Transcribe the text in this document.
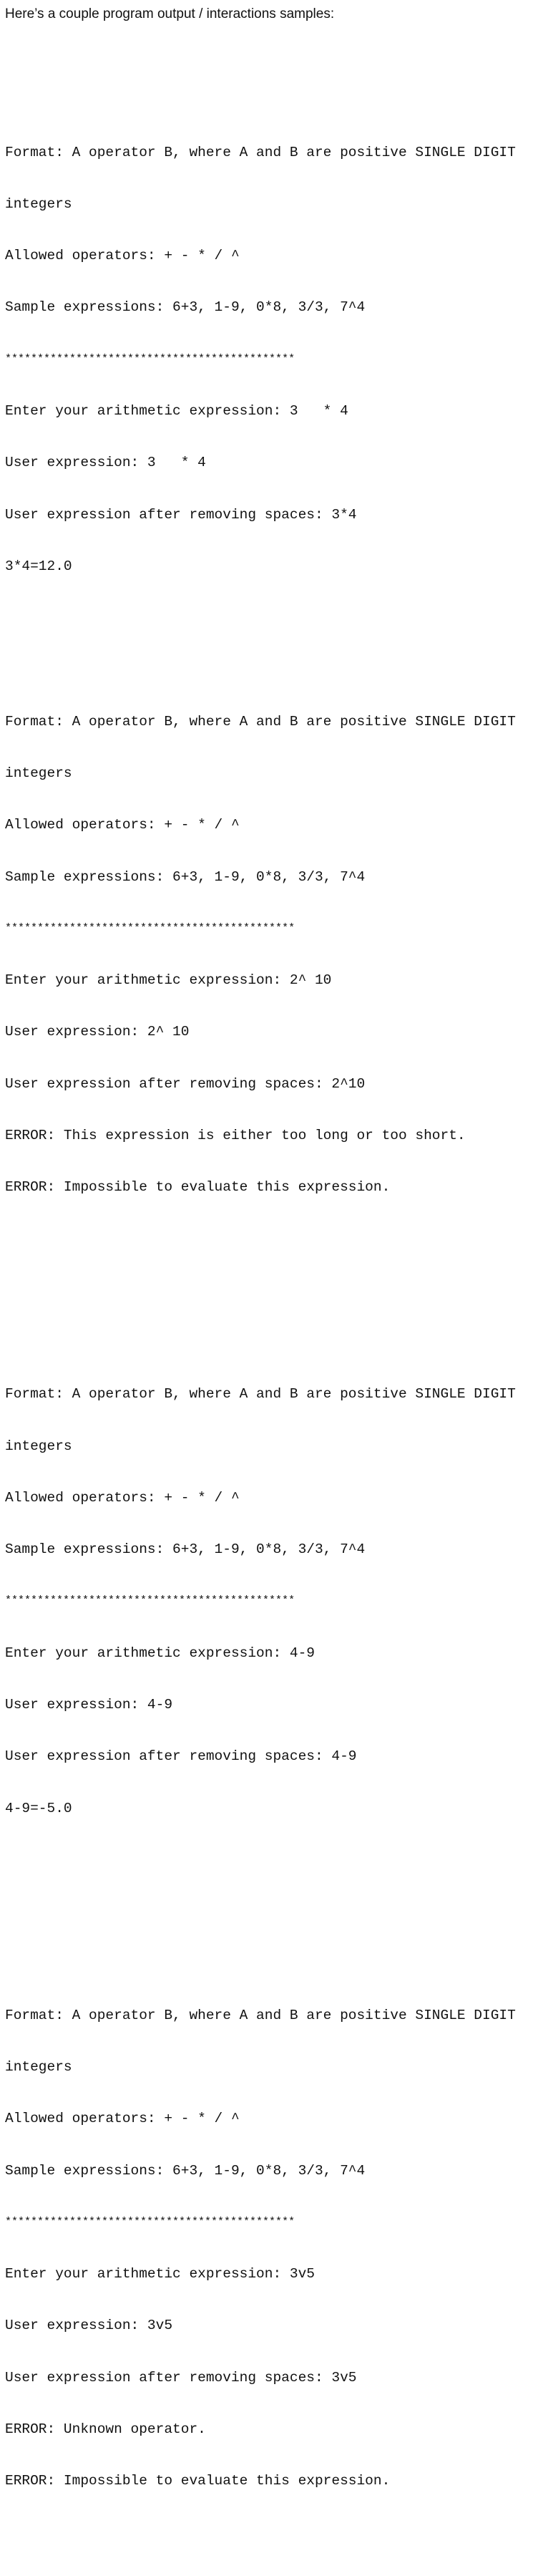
Here’s a couple program output / interactions samples:

Format: A operator B, where A and B are positive SINGLE DIGIT

integers

Allowed operators: + - * / ^

Sample expressions: 6+3, 1-9, 0*8, 3/3, 7^4

*********************************************

Enter your arithmetic expression: 3   * 4

User expression: 3   * 4

User expression after removing spaces: 3*4

3*4=12.0

Format: A operator B, where A and B are positive SINGLE DIGIT

integers

Allowed operators: + - * / ^

Sample expressions: 6+3, 1-9, 0*8, 3/3, 7^4

*********************************************

Enter your arithmetic expression: 2^ 10

User expression: 2^ 10

User expression after removing spaces: 2^10

ERROR: This expression is either too long or too short.

ERROR: Impossible to evaluate this expression.

Format: A operator B, where A and B are positive SINGLE DIGIT

integers

Allowed operators: + - * / ^

Sample expressions: 6+3, 1-9, 0*8, 3/3, 7^4

*********************************************

Enter your arithmetic expression: 4-9

User expression: 4-9

User expression after removing spaces: 4-9

4-9=-5.0

Format: A operator B, where A and B are positive SINGLE DIGIT

integers

Allowed operators: + - * / ^

Sample expressions: 6+3, 1-9, 0*8, 3/3, 7^4

*********************************************

Enter your arithmetic expression: 3v5

User expression: 3v5

User expression after removing spaces: 3v5

ERROR: Unknown operator.

ERROR: Impossible to evaluate this expression.
